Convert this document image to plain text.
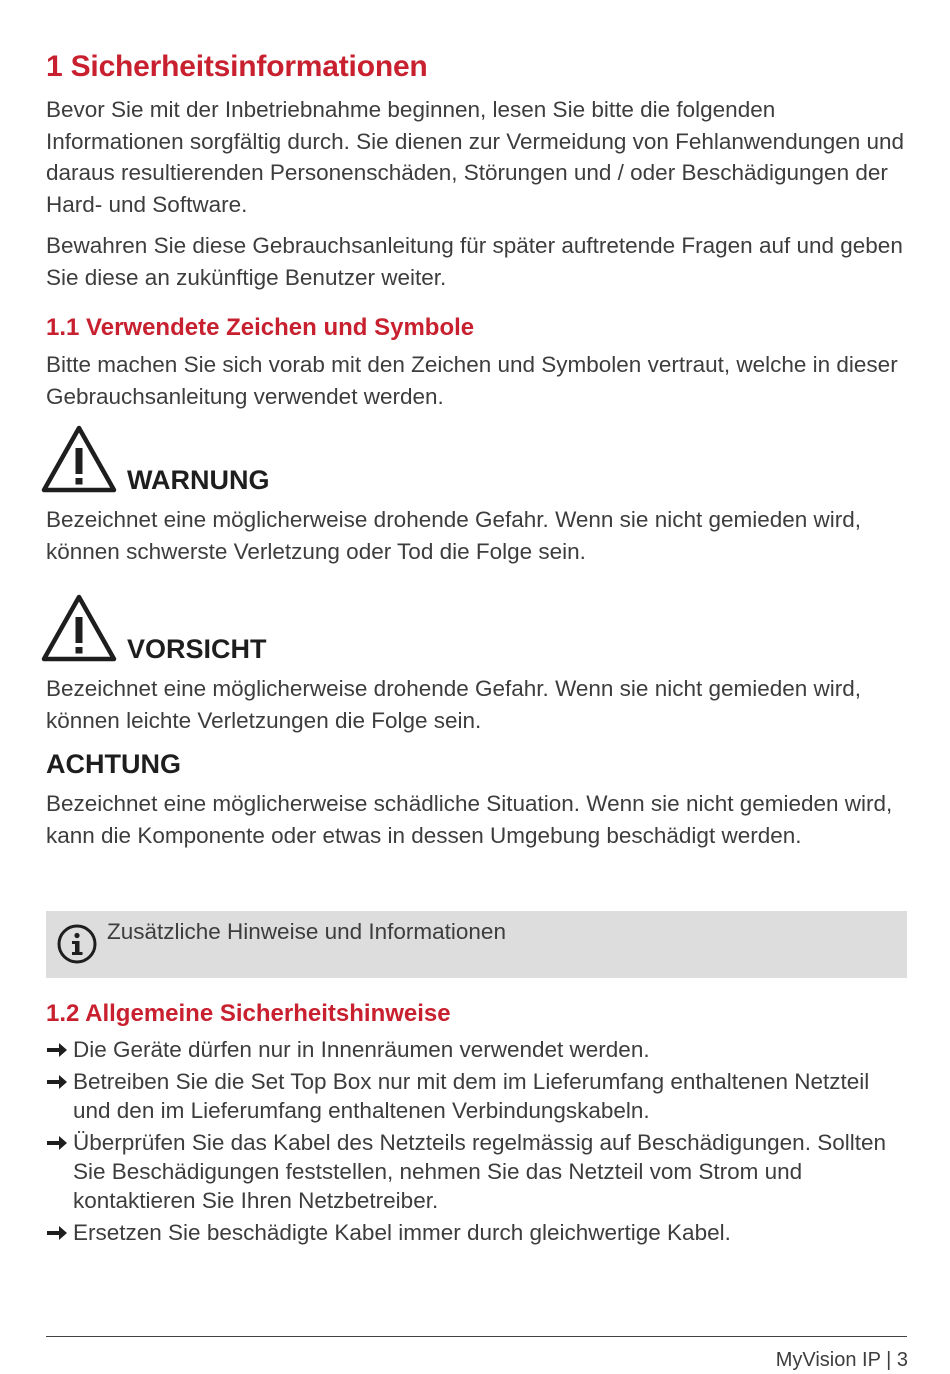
1 Sicherheitsinformationen
Bevor Sie mit der Inbetriebnahme beginnen, lesen Sie bitte die folgenden Informationen sorgfältig durch. Sie dienen zur Vermeidung von Fehlanwendungen und daraus resultierenden Personenschäden, Störungen und / oder Beschädigungen der Hard- und Software.
Bewahren Sie diese Gebrauchsanleitung für später auftretende Fragen auf und geben Sie diese an zukünftige Benutzer weiter.
1.1 Verwendete Zeichen und Symbole
Bitte machen Sie sich vorab mit den Zeichen und Symbolen vertraut, welche in dieser Gebrauchsanleitung verwendet werden.
WARNUNG
Bezeichnet eine möglicherweise drohende Gefahr. Wenn sie nicht gemieden wird, können schwerste Verletzung oder Tod die Folge sein.
VORSICHT
Bezeichnet eine möglicherweise drohende Gefahr. Wenn sie nicht gemieden wird, können leichte Verletzungen die Folge sein.
ACHTUNG
Bezeichnet eine möglicherweise schädliche Situation. Wenn sie nicht gemieden wird, kann die Komponente oder etwas in dessen Umgebung beschädigt werden.
Zusätzliche Hinweise und Informationen
1.2 Allgemeine Sicherheitshinweise
Die Geräte dürfen nur in Innenräumen verwendet werden.
Betreiben Sie die Set Top Box nur mit dem im Lieferumfang enthaltenen Netzteil und den im Lieferumfang enthaltenen Verbindungskabeln.
Überprüfen Sie das Kabel des Netzteils regelmässig auf Beschädigungen. Sollten Sie Beschädigungen feststellen, nehmen Sie das Netzteil vom Strom und kontaktieren Sie Ihren Netzbetreiber.
Ersetzen Sie beschädigte Kabel immer durch gleichwertige Kabel.
MyVision IP | 3
